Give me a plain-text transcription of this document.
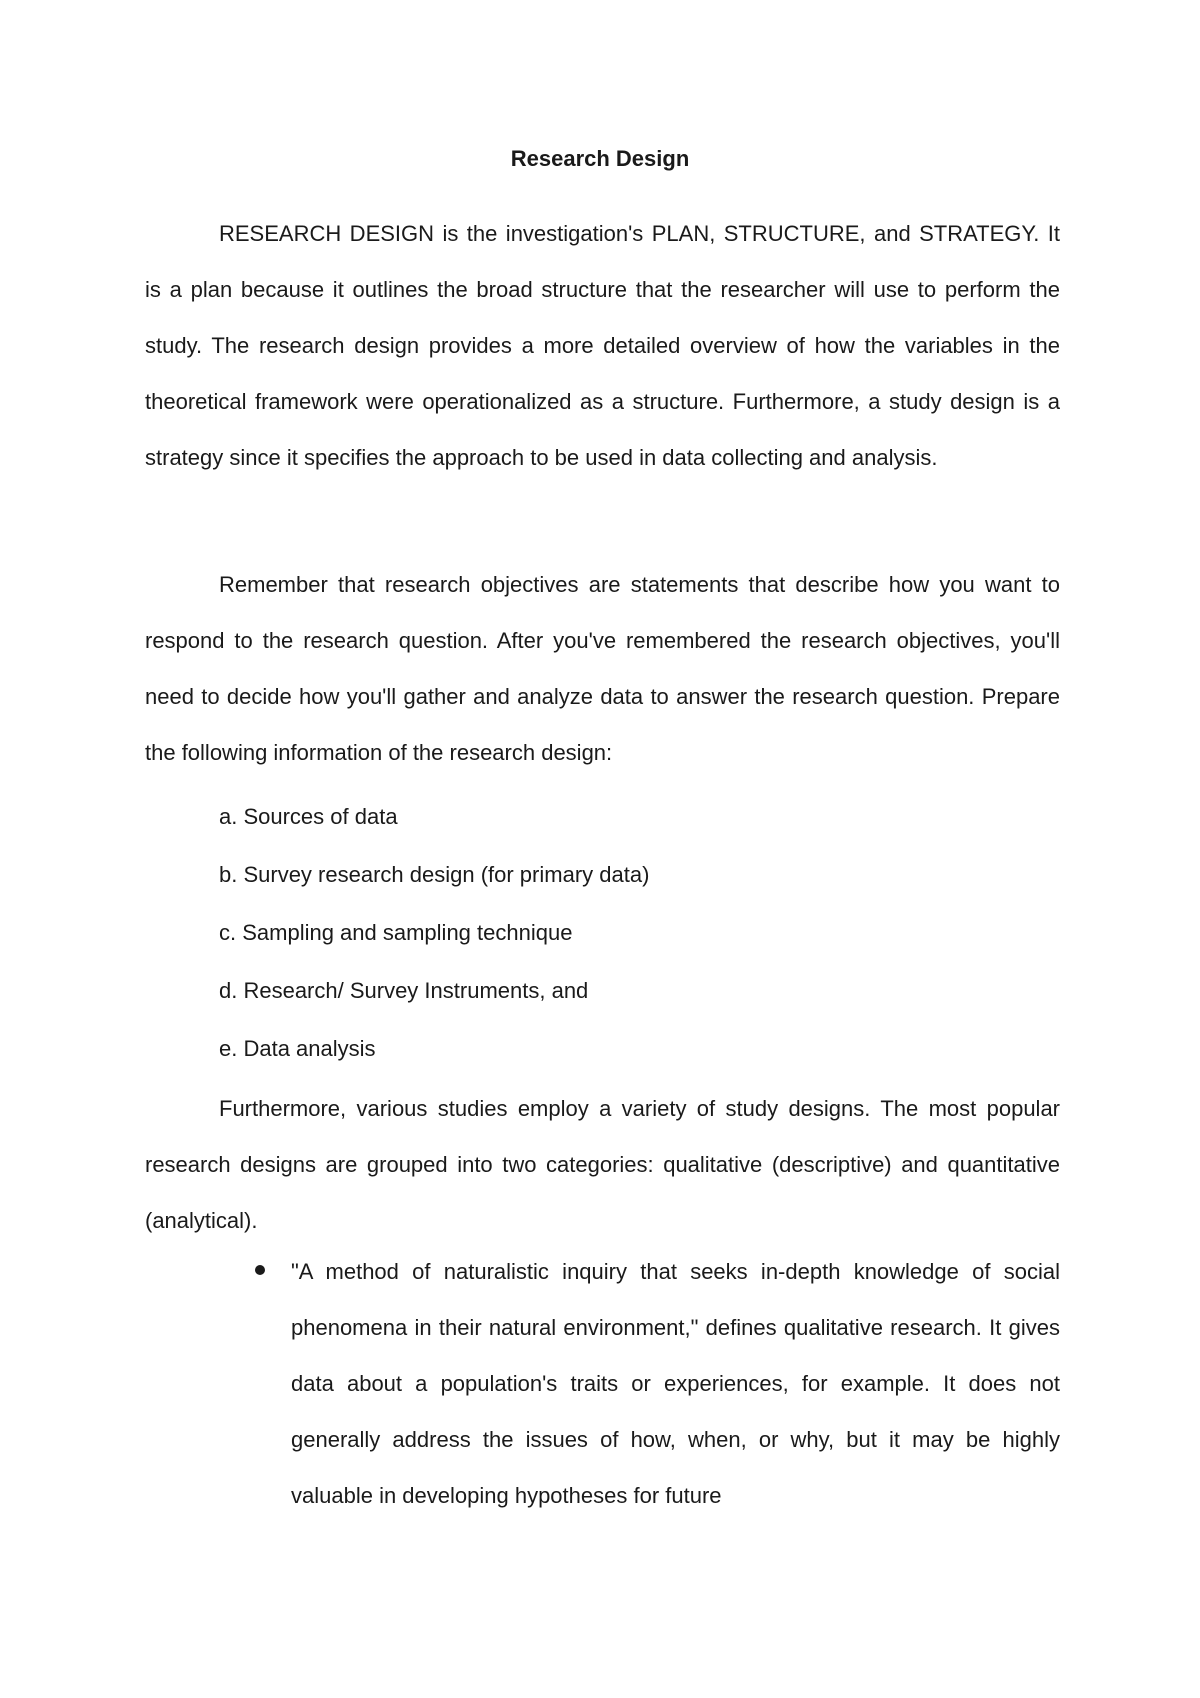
Research Design

RESEARCH DESIGN is the investigation's PLAN, STRUCTURE, and STRATEGY. It is a plan because it outlines the broad structure that the researcher will use to perform the study. The research design provides a more detailed overview of how the variables in the theoretical framework were operationalized as a structure. Furthermore, a study design is a strategy since it specifies the approach to be used in data collecting and analysis.

Remember that research objectives are statements that describe how you want to respond to the research question. After you've remembered the research objectives, you'll need to decide how you'll gather and analyze data to answer the research question. Prepare the following information of the research design:

a. Sources of data
b. Survey research design (for primary data)
c. Sampling and sampling technique
d. Research/ Survey Instruments, and
e. Data analysis

Furthermore, various studies employ a variety of study designs. The most popular research designs are grouped into two categories: qualitative (descriptive) and quantitative (analytical).

"A method of naturalistic inquiry that seeks in-depth knowledge of social phenomena in their natural environment," defines qualitative research. It gives data about a population's traits or experiences, for example. It does not generally address the issues of how, when, or why, but it may be highly valuable in developing hypotheses for future
